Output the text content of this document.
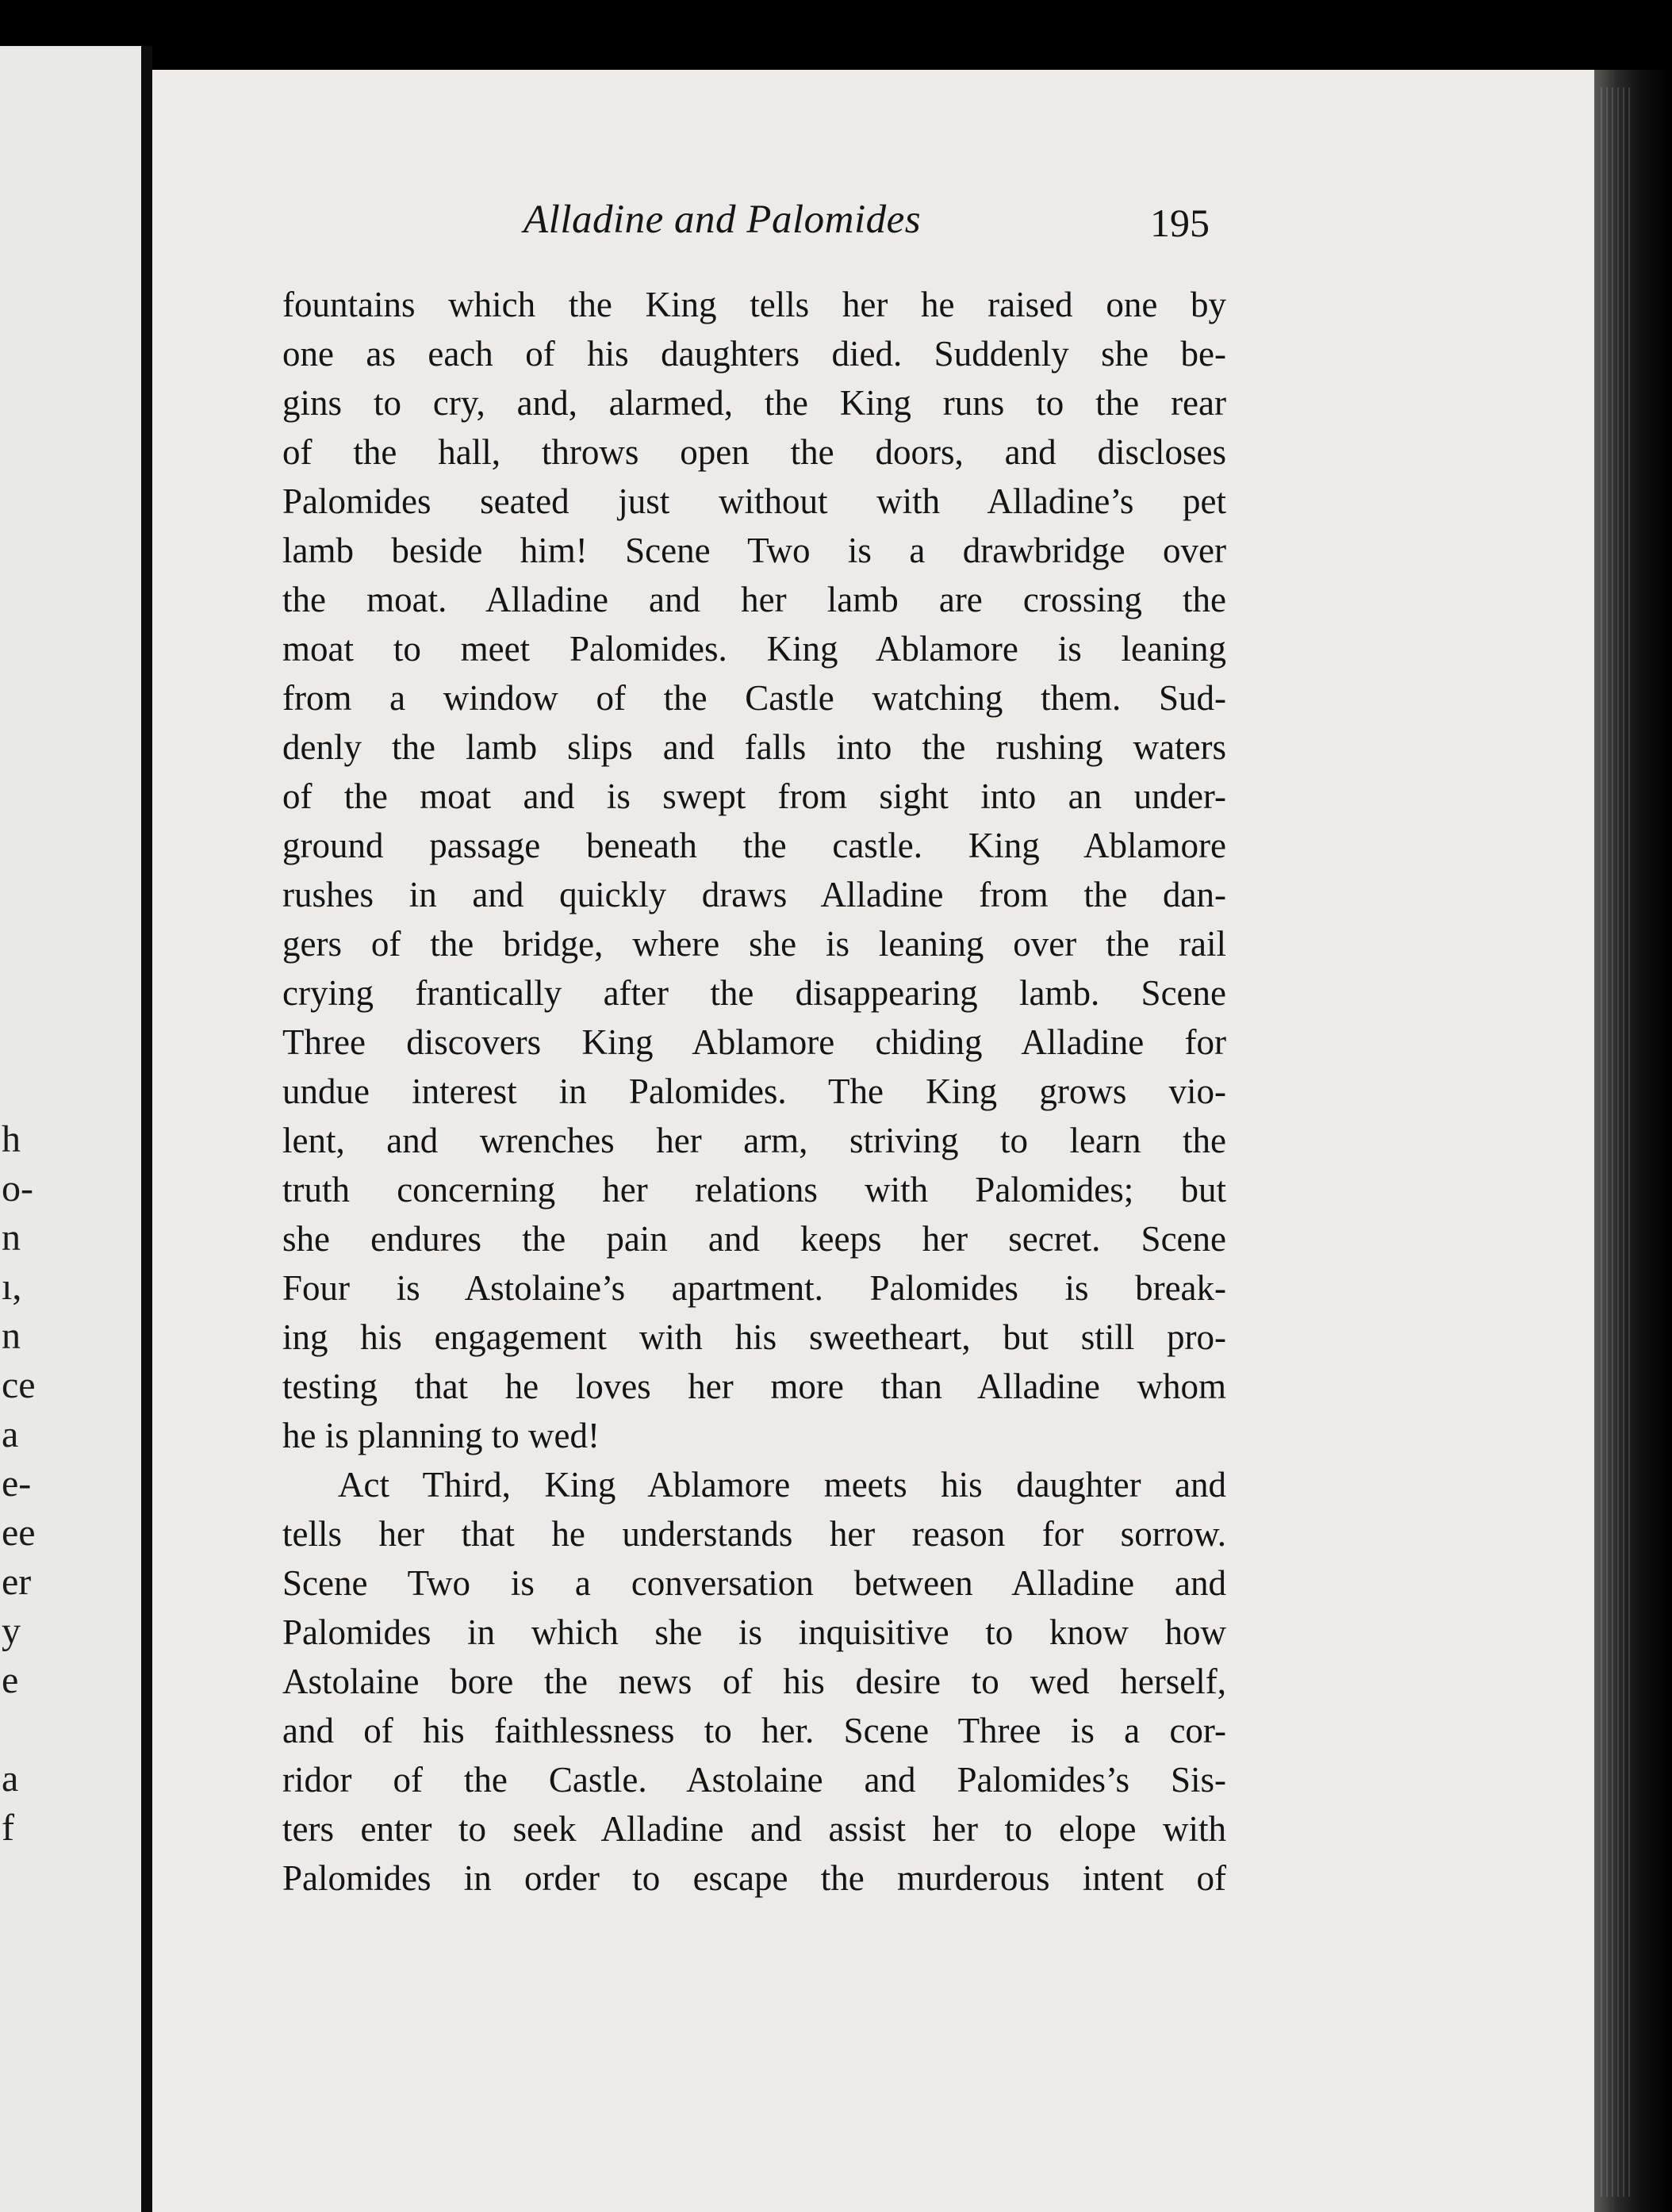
h
o-
n
ı,
n
ce
a
e-
ee
er
y
e
a
f
Alladine and Palomides	195
fountains which the King tells her he raised one by
one as each of his daughters died. Suddenly she be-
gins to cry, and, alarmed, the King runs to the rear
of the hall, throws open the doors, and discloses
Palomides seated just without with Alladine’s pet
lamb beside him! Scene Two is a drawbridge over
the moat. Alladine and her lamb are crossing the
moat to meet Palomides. King Ablamore is leaning
from a window of the Castle watching them. Sud-
denly the lamb slips and falls into the rushing waters
of the moat and is swept from sight into an under-
ground passage beneath the castle. King Ablamore
rushes in and quickly draws Alladine from the dan-
gers of the bridge, where she is leaning over the rail
crying frantically after the disappearing lamb. Scene
Three discovers King Ablamore chiding Alladine for
undue interest in Palomides. The King grows vio-
lent, and wrenches her arm, striving to learn the
truth concerning her relations with Palomides; but
she endures the pain and keeps her secret. Scene
Four is Astolaine’s apartment. Palomides is break-
ing his engagement with his sweetheart, but still pro-
testing that he loves her more than Alladine whom
he is planning to wed!
Act Third, King Ablamore meets his daughter and
tells her that he understands her reason for sorrow.
Scene Two is a conversation between Alladine and
Palomides in which she is inquisitive to know how
Astolaine bore the news of his desire to wed herself,
and of his faithlessness to her. Scene Three is a cor-
ridor of the Castle. Astolaine and Palomides’s Sis-
ters enter to seek Alladine and assist her to elope with
Palomides in order to escape the murderous intent of
